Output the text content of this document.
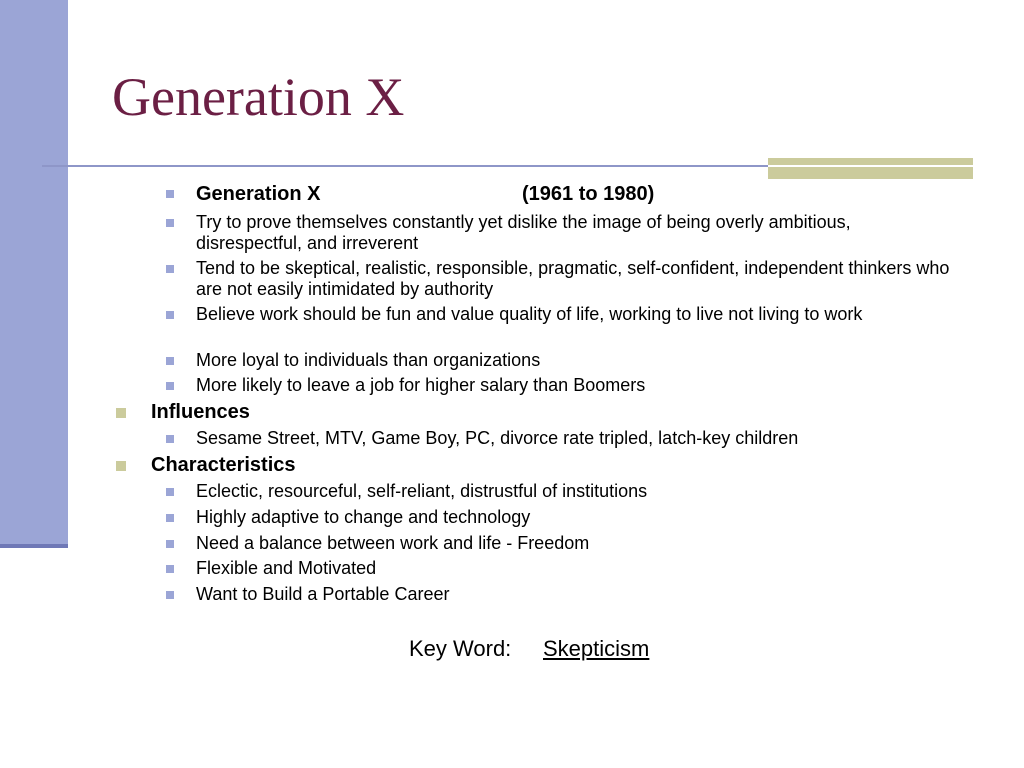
Generation X
Generation X	(1961 to 1980)
Try to prove themselves constantly yet dislike the image of being overly ambitious, disrespectful, and irreverent
Tend to be skeptical, realistic, responsible, pragmatic, self-confident, independent thinkers who are not easily intimidated by authority
Believe work should be fun and value quality of life, working to live not living to work
More loyal to individuals than organizations
More likely to leave a job for higher salary than Boomers
Influences
Sesame Street, MTV, Game Boy, PC, divorce rate tripled, latch-key children
Characteristics
Eclectic, resourceful, self-reliant, distrustful of institutions
Highly adaptive to change and technology
Need a balance between work and life - Freedom
Flexible and Motivated
Want to Build a Portable Career
Key Word: Skepticism
